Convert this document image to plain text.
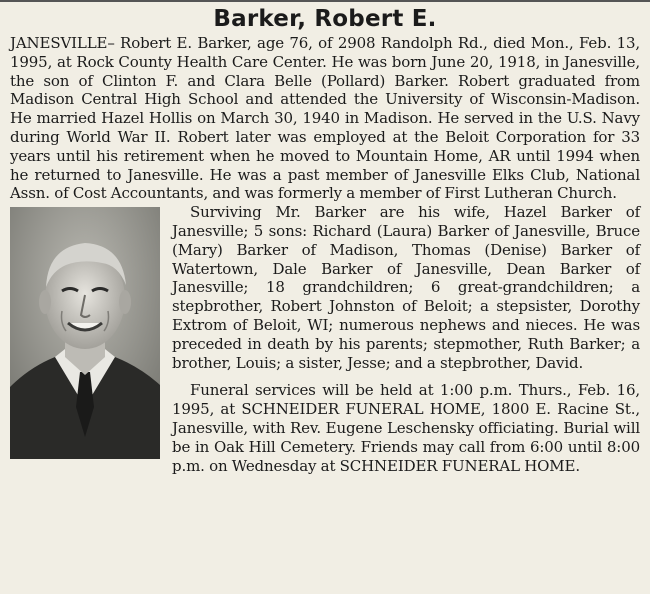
Barker, Robert E.

JANESVILLE– Robert E. Barker, age 76, of 2908 Randolph Rd., died Mon., Feb. 13, 1995, at Rock County Health Care Center. He was born June 20, 1918, in Janesville, the son of Clinton F. and Clara Belle (Pollard) Barker. Robert graduated from Madison Central High School and attended the University of Wisconsin-Madison. He married Hazel Hollis on March 30, 1940 in Madison. He served in the U.S. Navy during World War II. Robert later was employed at the Beloit Corporation for 33 years until his retirement when he moved to Mountain Home, AR until 1994 when he returned to Janesville. He was a past member of Janesville Elks Club, National Assn. of Cost Accountants, and was formerly a member of First Lutheran Church.

Surviving Mr. Barker are his wife, Hazel Barker of Janesville; 5 sons: Richard (Laura) Barker of Janesville, Bruce (Mary) Barker of Madison, Thomas (Denise) Barker of Watertown, Dale Barker of Janesville, Dean Barker of Janesville; 18 grandchildren; 6 great-grandchildren; a stepbrother, Robert Johnston of Beloit; a stepsister, Dorothy Extrom of Beloit, WI; numerous nephews and nieces. He was preceded in death by his parents; stepmother, Ruth Barker; a brother, Louis; a sister, Jesse; and a stepbrother, David.

Funeral services will be held at 1:00 p.m. Thurs., Feb. 16, 1995, at SCHNEIDER FUNERAL HOME, 1800 E. Racine St., Janesville, with Rev. Eugene Leschensky officiating. Burial will be in Oak Hill Cemetery. Friends may call from 6:00 until 8:00 p.m. on Wednesday at SCHNEIDER FUNERAL HOME.
